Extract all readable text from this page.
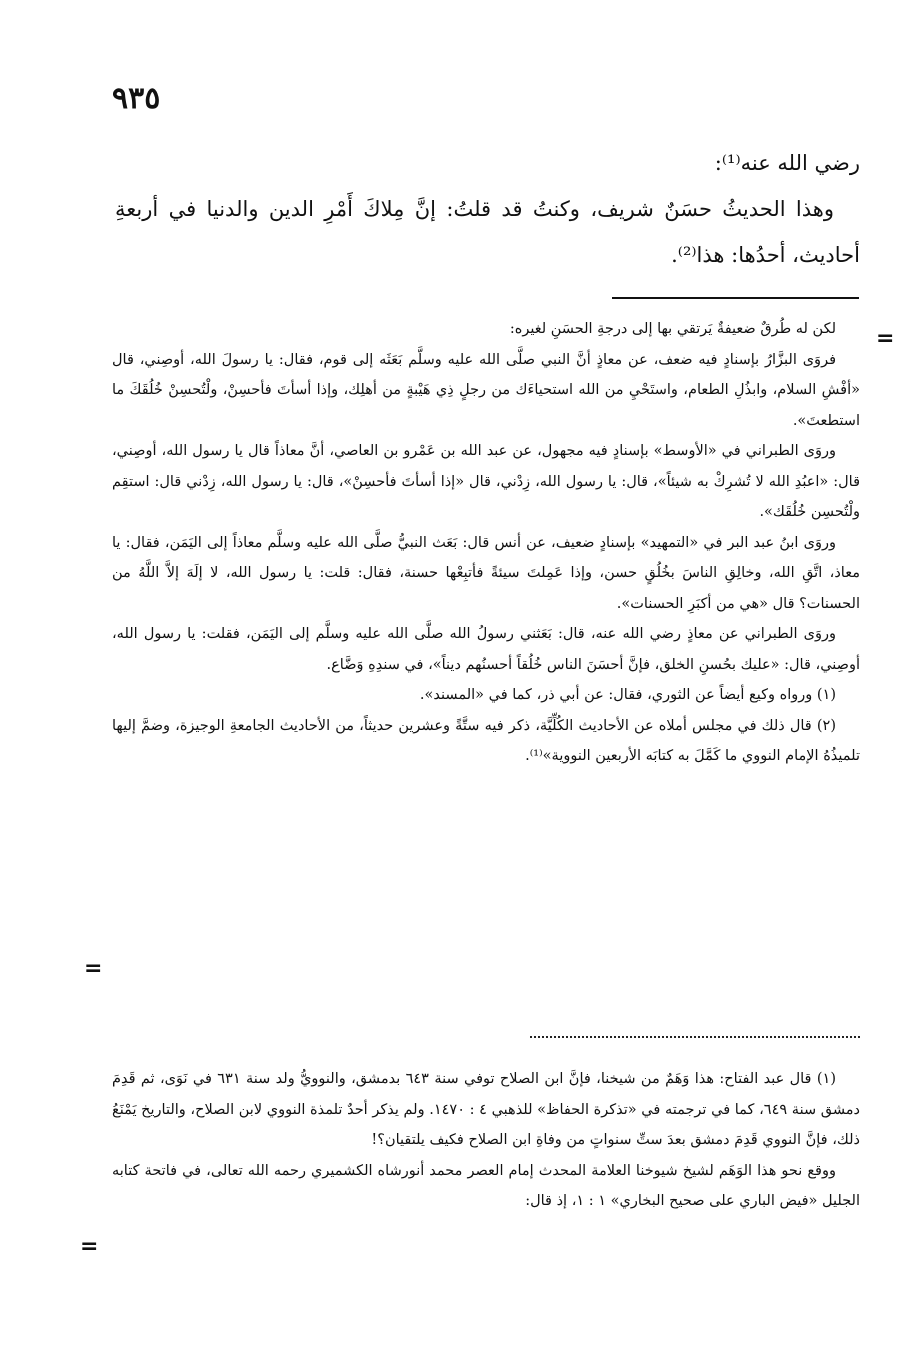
٩٣٥

رضي الله عنه⁽¹⁾:

وهذا الحديثُ حسَنٌ شريف، وكنتُ قد قلتُ: إنَّ مِلاكَ أَمْرِ الدين والدنيا في أربعةِ أحاديث، أحدُها: هذا⁽²⁾.

=

لكن له طُرقٌ ضعيفةٌ يَرتقي بها إلى درجةِ الحسَنِ لغيره:

فروَى البزَّارُ بإسنادٍ فيه ضعف، عن معاذٍ أنَّ النبي صلَّى الله عليه وسلَّم بَعَثَه إلى قوم، فقال: يا رسولَ الله، أوصِني، قال «أفْشِ السلام، وابذُلِ الطعام، واستَحْيِ من الله استحياءَك من رجلٍ ذِي هَيْبةٍ من أهلِك، وإذا أسأتَ فأحسِنْ، ولْتُحسِنْ خُلُقَكَ ما استطعتَ».

وروَى الطبراني في «الأوسط» بإسنادٍ فيه مجهول، عن عبد الله بن عَمْرو بن العاصي، أنَّ معاذاً قال يا رسول الله، أوصِني، قال: «اعبُدِ الله لا تُشرِكْ به شيئاً»، قال: يا رسول الله، زِدْني، قال «إذا أسأتَ فأحسِنْ»، قال: يا رسول الله، زِدْني قال: استقِم ولْتُحسِن خُلُقَك».

وروَى ابنُ عبد البر في «التمهيد» بإسنادٍ ضعيف، عن أنس قال: بَعَث النبيُّ صلَّى الله عليه وسلَّم معاذاً إلى اليَمَن، فقال: يا معاذ، اتَّقِ الله، وخالِقِ الناسَ بخُلُقٍ حسن، وإذا عَمِلتَ سيئةً فأتبِعْها حسنة، فقال: قلت: يا رسول الله، لا إلَهَ إلاَّ اللَّهُ من الحسنات؟ قال «هي من أكبَرِ الحسنات».

وروَى الطبراني عن معاذٍ رضي الله عنه، قال: بَعَثني رسولُ الله صلَّى الله عليه وسلَّم إلى اليَمَن، فقلت: يا رسول الله، أوصِني، قال: «عليك بحُسنِ الخلق، فإنَّ أحسَنَ الناس خُلُقاً أحسنُهم ديناً»، في سندِهِ وَضَّاع.

(١) ورواه وكيع أيضاً عن الثوري، فقال: عن أبي ذر، كما في «المسند».

(٢) قال ذلك في مجلس أملاه عن الأحاديث الكُلِّيَّة، ذكر فيه ستَّةً وعشرين حديثاً، من الأحاديث الجامعةِ الوجيزة، وضمَّ إليها تلميذُهُ الإمام النووي ما كَمَّلَ به كتابَه الأربعين النووية»⁽¹⁾.

=

(١) قال عبد الفتاح: هذا وَهَمٌ من شيخنا، فإنَّ ابن الصلاح توفي سنة ٦٤٣ بدمشق، والنوويُّ ولد سنة ٦٣١ في نَوَى، ثم قَدِمَ دمشق سنة ٦٤٩، كما في ترجمته في «تذكرة الحفاظ» للذهبي ٤ : ١٤٧٠. ولم يذكر أحدٌ تلمذة النووي لابن الصلاح، والتاريخ يَمْنَعُ ذلك، فإنَّ النووي قَدِمَ دمشق بعدَ ستِّ سنواتٍ من وفاةِ ابن الصلاح فكيف يلتقيان؟!

ووقع نحو هذا الوَهَم لشيخ شيوخنا العلامة المحدث إمام العصر محمد أنورشاه الكشميري رحمه الله تعالى، في فاتحة كتابه الجليل «فيض الباري على صحيح البخاري» ١ : ١، إذ قال:

=
